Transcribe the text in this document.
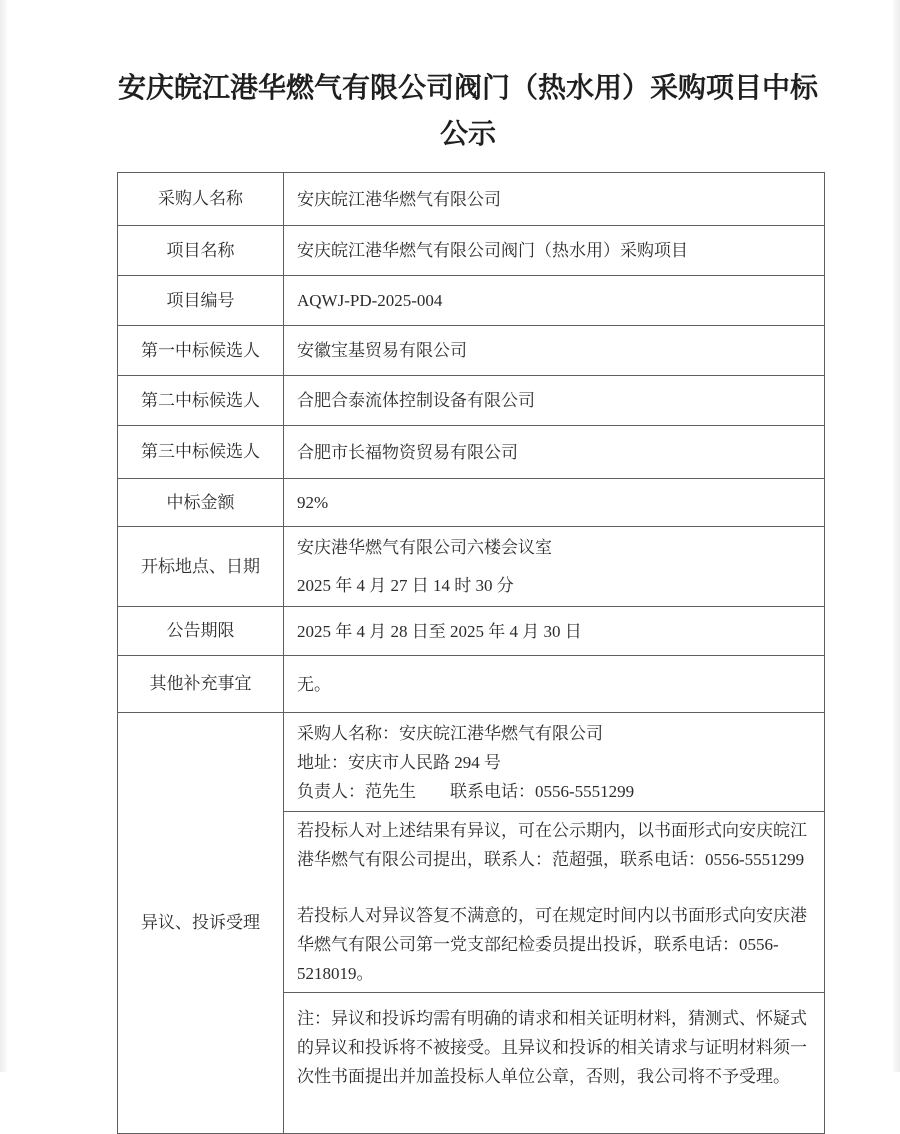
安庆皖江港华燃气有限公司阀门（热水用）采购项目中标公示
采购人名称	安庆皖江港华燃气有限公司
项目名称	安庆皖江港华燃气有限公司阀门（热水用）采购项目
项目编号	AQWJ-PD-2025-004
第一中标候选人	安徽宝基贸易有限公司
第二中标候选人	合肥合泰流体控制设备有限公司
第三中标候选人	合肥市长福物资贸易有限公司
中标金额	92%
开标地点、日期	安庆港华燃气有限公司六楼会议室
2025 年 4 月 27 日 14 时 30 分

公告期限	2025 年 4 月 28 日至 2025 年 4 月 30 日
其他补充事宜	无。
异议、投诉受理	采购人名称：安庆皖江港华燃气有限公司
地址：安庆市人民路 294 号
负责人：范先生　　联系电话：0556-5551299

	若投标人对上述结果有异议，可在公示期内，以书面形式向安庆皖江港华燃气有限公司提出，联系人：范超强，联系电话：0556-5551299

若投标人对异议答复不满意的，可在规定时间内以书面形式向安庆港华燃气有限公司第一党支部纪检委员提出投诉，联系电话：0556-5218019。

	注：异议和投诉均需有明确的请求和相关证明材料，猜测式、怀疑式的异议和投诉将不被接受。且异议和投诉的相关请求与证明材料须一次性书面提出并加盖投标人单位公章，否则，我公司将不予受理。
